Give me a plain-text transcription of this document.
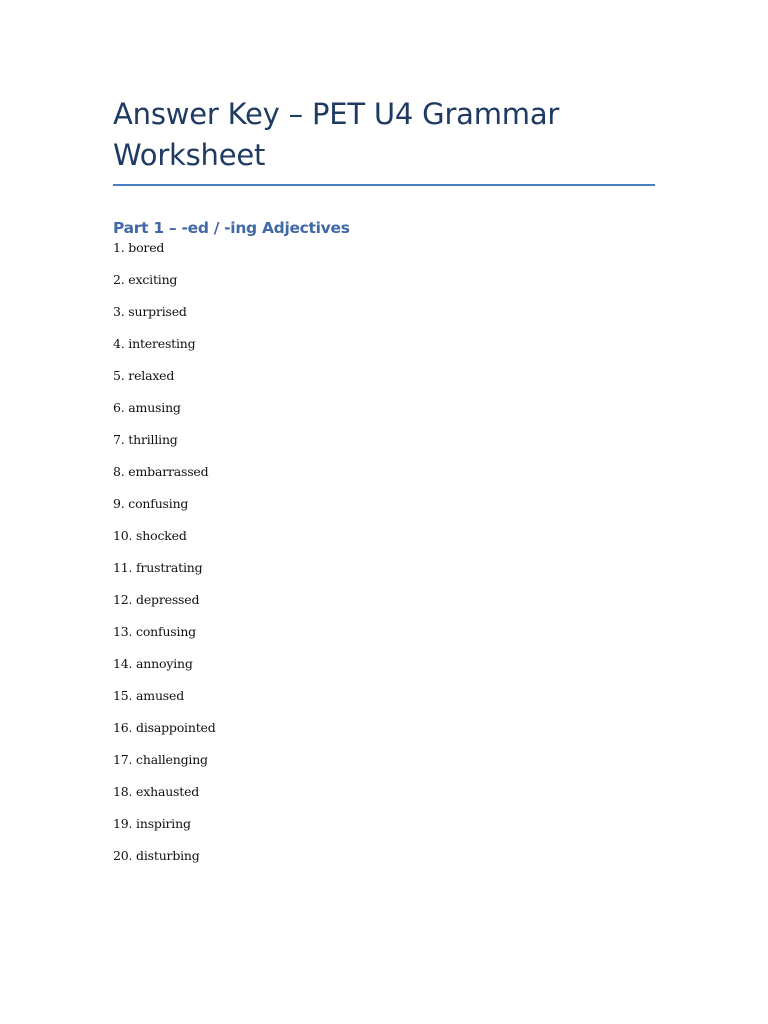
Answer Key – PET U4 Grammar Worksheet
Part 1 – -ed / -ing Adjectives
1. bored
2. exciting
3. surprised
4. interesting
5. relaxed
6. amusing
7. thrilling
8. embarrassed
9. confusing
10. shocked
11. frustrating
12. depressed
13. confusing
14. annoying
15. amused
16. disappointed
17. challenging
18. exhausted
19. inspiring
20. disturbing
